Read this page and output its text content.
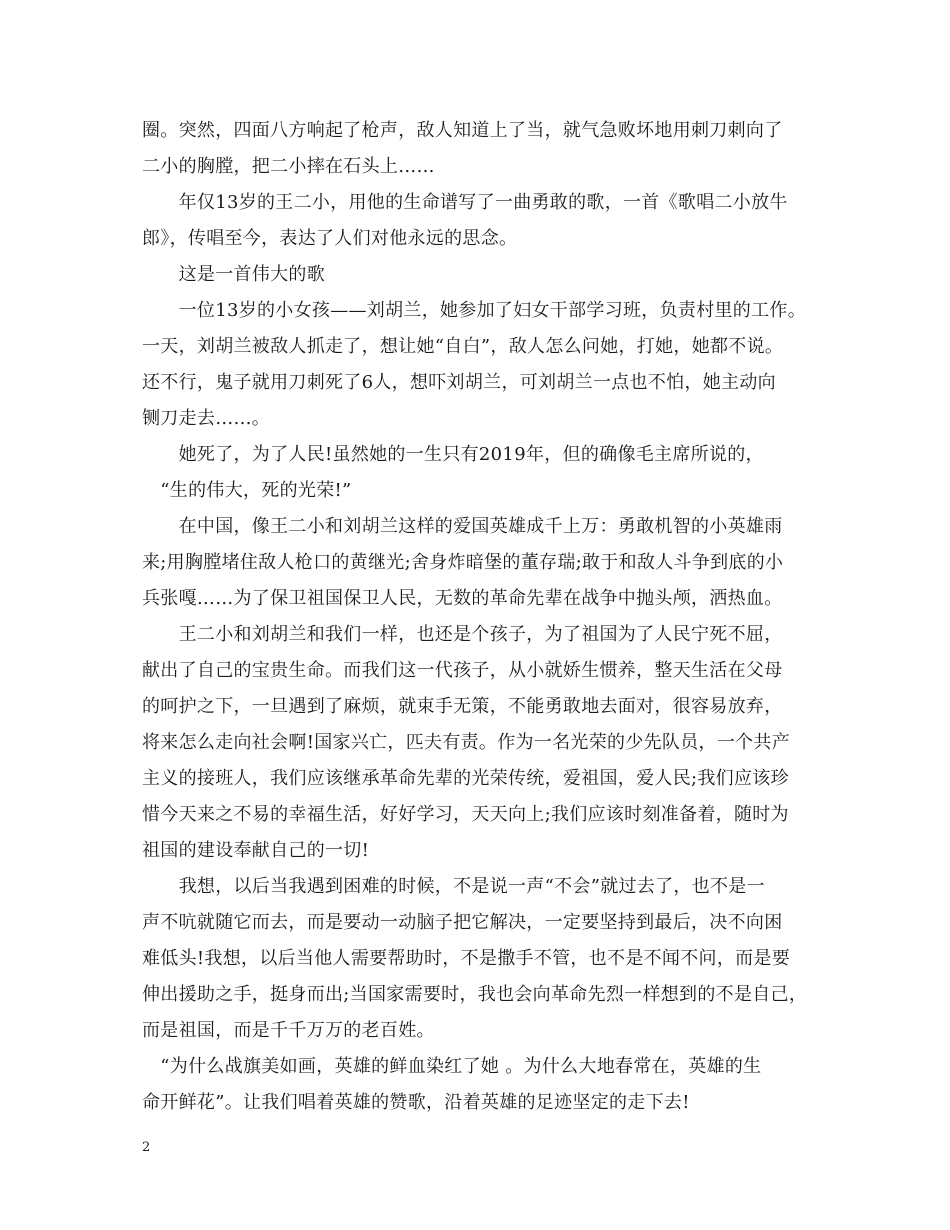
圈。突然，四面八方响起了枪声，敌人知道上了当，就气急败坏地用刺刀刺向了
二小的胸膛，把二小摔在石头上……
　　年仅13岁的王二小，用他的生命谱写了一曲勇敢的歌，一首《歌唱二小放牛
郎》，传唱至今，表达了人们对他永远的思念。
　　这是一首伟大的歌
　　一位13岁的小女孩——刘胡兰，她参加了妇女干部学习班，负责村里的工作。
一天，刘胡兰被敌人抓走了，想让她“自白”，敌人怎么问她，打她，她都不说。
还不行，鬼子就用刀刺死了6人，想吓刘胡兰，可刘胡兰一点也不怕，她主动向
铡刀走去……。
　　她死了，为了人民!虽然她的一生只有2019年，但的确像毛主席所说的，
　“生的伟大，死的光荣!”
　　在中国，像王二小和刘胡兰这样的爱国英雄成千上万：勇敢机智的小英雄雨
来;用胸膛堵住敌人枪口的黄继光;舍身炸暗堡的董存瑞;敢于和敌人斗争到底的小
兵张嘎……为了保卫祖国保卫人民，无数的革命先辈在战争中抛头颅，洒热血。
　　王二小和刘胡兰和我们一样，也还是个孩子，为了祖国为了人民宁死不屈，
献出了自己的宝贵生命。而我们这一代孩子，从小就娇生惯养，整天生活在父母
的呵护之下，一旦遇到了麻烦，就束手无策，不能勇敢地去面对，很容易放弃，
将来怎么走向社会啊!国家兴亡，匹夫有责。作为一名光荣的少先队员，一个共产
主义的接班人，我们应该继承革命先辈的光荣传统，爱祖国，爱人民;我们应该珍
惜今天来之不易的幸福生活，好好学习，天天向上;我们应该时刻准备着，随时为
祖国的建设奉献自己的一切!
　　我想，以后当我遇到困难的时候，不是说一声“不会”就过去了，也不是一
声不吭就随它而去，而是要动一动脑子把它解决，一定要坚持到最后，决不向困
难低头!我想，以后当他人需要帮助时，不是撒手不管，也不是不闻不问，而是要
伸出援助之手，挺身而出;当国家需要时，我也会向革命先烈一样想到的不是自己，
而是祖国，而是千千万万的老百姓。
　“为什么战旗美如画，英雄的鲜血染红了她 。为什么大地春常在，英雄的生
命开鲜花”。让我们唱着英雄的赞歌，沿着英雄的足迹坚定的走下去!
2
